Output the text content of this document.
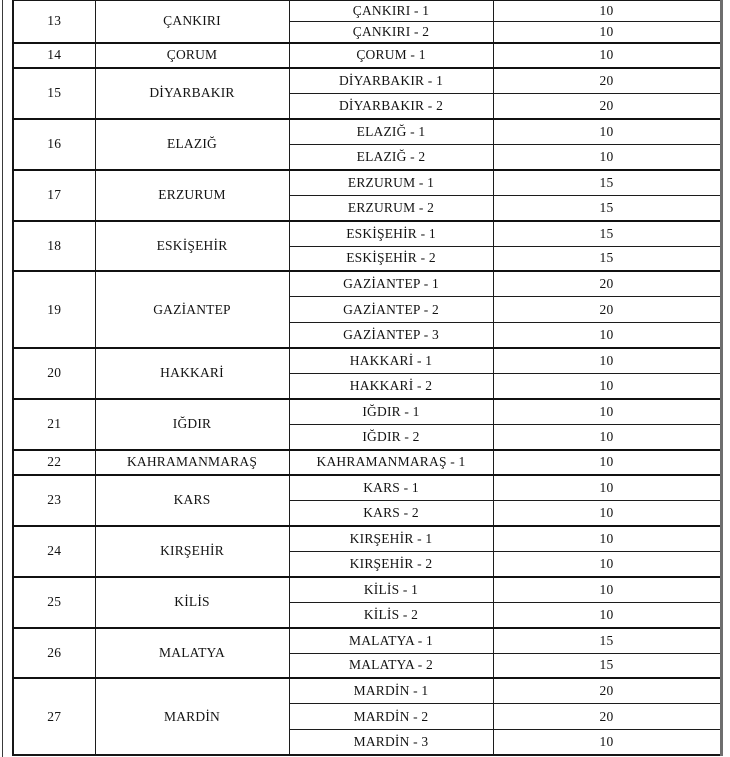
13	ÇANKIRI	ÇANKIRI - 1	10
		ÇANKIRI - 2	10
14	ÇORUM	ÇORUM - 1	10
15	DİYARBAKIR	DİYARBAKIR - 1	20
		DİYARBAKIR - 2	20
16	ELAZIĞ	ELAZIĞ - 1	10
		ELAZIĞ - 2	10
17	ERZURUM	ERZURUM - 1	15
		ERZURUM - 2	15
18	ESKİŞEHİR	ESKİŞEHİR - 1	15
		ESKİŞEHİR - 2	15
19	GAZİANTEP	GAZİANTEP - 1	20
		GAZİANTEP - 2	20
		GAZİANTEP - 3	10
20	HAKKARİ	HAKKARİ - 1	10
		HAKKARİ - 2	10
21	IĞDIR	IĞDIR - 1	10
		IĞDIR - 2	10
22	KAHRAMANMARAŞ	KAHRAMANMARAŞ - 1	10
23	KARS	KARS - 1	10
		KARS - 2	10
24	KIRŞEHİR	KIRŞEHİR - 1	10
		KIRŞEHİR - 2	10
25	KİLİS	KİLİS - 1	10
		KİLİS - 2	10
26	MALATYA	MALATYA - 1	15
		MALATYA - 2	15
27	MARDİN	MARDİN - 1	20
		MARDİN - 2	20
		MARDİN - 3	10
